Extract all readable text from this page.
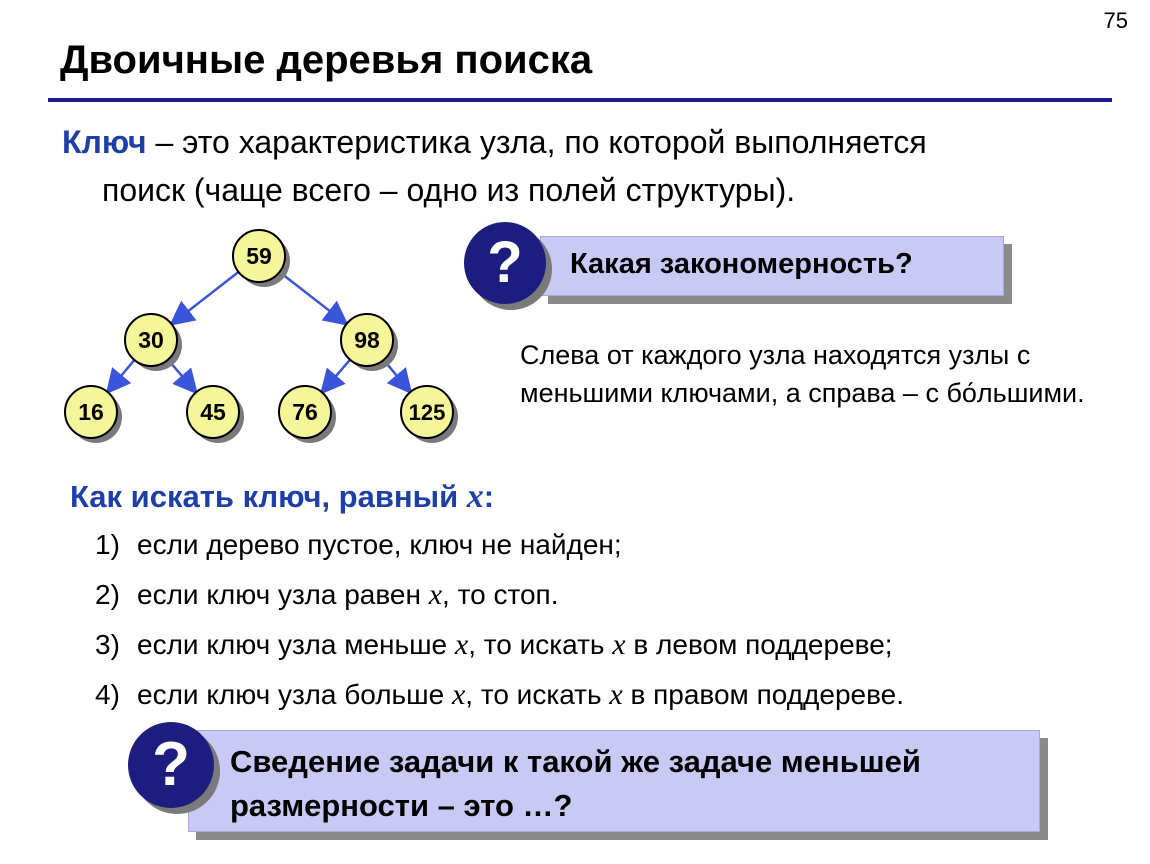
75
Двоичные деревья поиска
Ключ – это характеристика узла, по которой выполняется
поиск (чаще всего – одно из полей структуры).
59
30	98
16	45	76	125
?	Какая закономерность?
Слева от каждого узла находятся узлы с меньшими ключами, а справа – с бо́льшими.
Как искать ключ, равный x:
1) если дерево пустое, ключ не найден;
2) если ключ узла равен x, то стоп.
3) если ключ узла меньше x, то искать x в левом поддереве;
4) если ключ узла больше x, то искать x в правом поддереве.
?	Сведение задачи к такой же задаче меньшей размерности – это …?
